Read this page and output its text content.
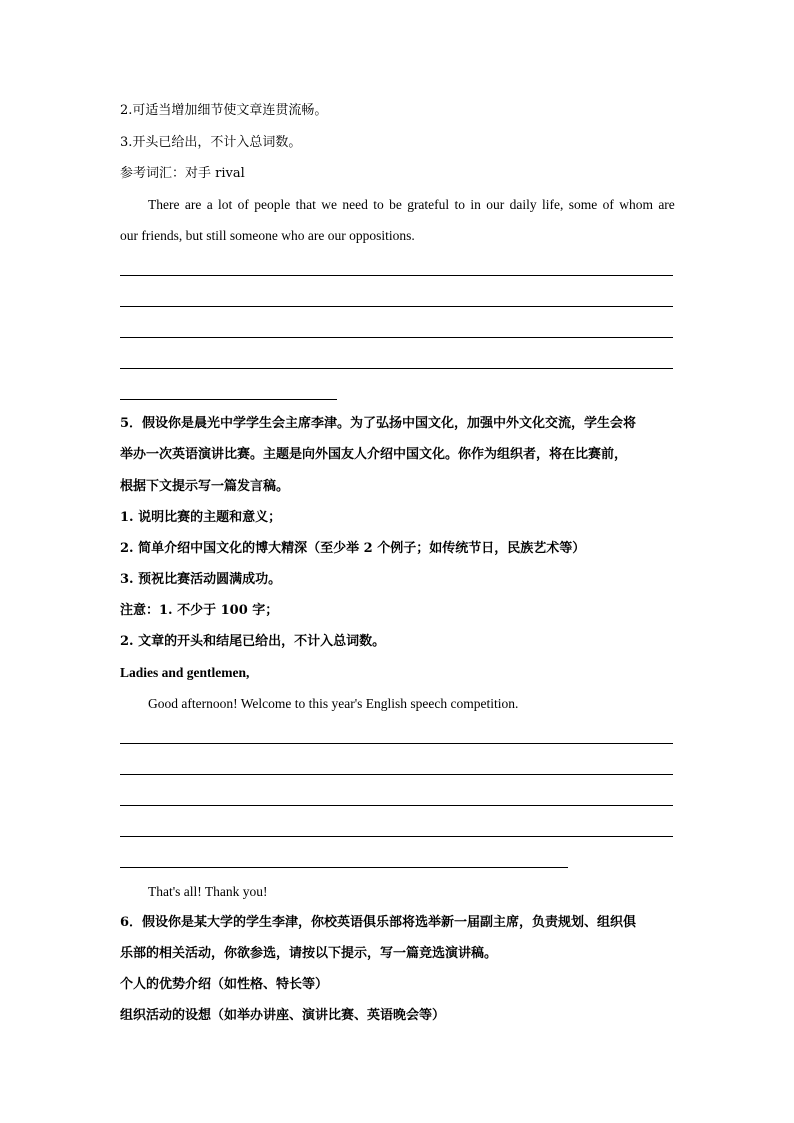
2.可适当增加细节使文章连贯流畅。
3.开头已给出，不计入总词数。
参考词汇：对手 rival
There are a lot of people that we need to be grateful to in our daily life, some of whom are
our friends, but still someone who are our oppositions.
5．假设你是晨光中学学生会主席李津。为了弘扬中国文化，加强中外文化交流，学生会将
举办一次英语演讲比赛。主题是向外国友人介绍中国文化。你作为组织者，将在比赛前，
根据下文提示写一篇发言稿。
1. 说明比赛的主题和意义；
2. 简单介绍中国文化的博大精深（至少举 2 个例子；如传统节日，民族艺术等）
3. 预祝比赛活动圆满成功。
注意：1. 不少于 100 字；
2. 文章的开头和结尾已给出，不计入总词数。
Ladies and gentlemen,
Good afternoon! Welcome to this year's English speech competition.
That's all! Thank you!
6．假设你是某大学的学生李津，你校英语俱乐部将选举新一届副主席，负责规划、组织俱
乐部的相关活动，你欲参选，请按以下提示，写一篇竞选演讲稿。
个人的优势介绍（如性格、特长等）
组织活动的设想（如举办讲座、演讲比赛、英语晚会等）
